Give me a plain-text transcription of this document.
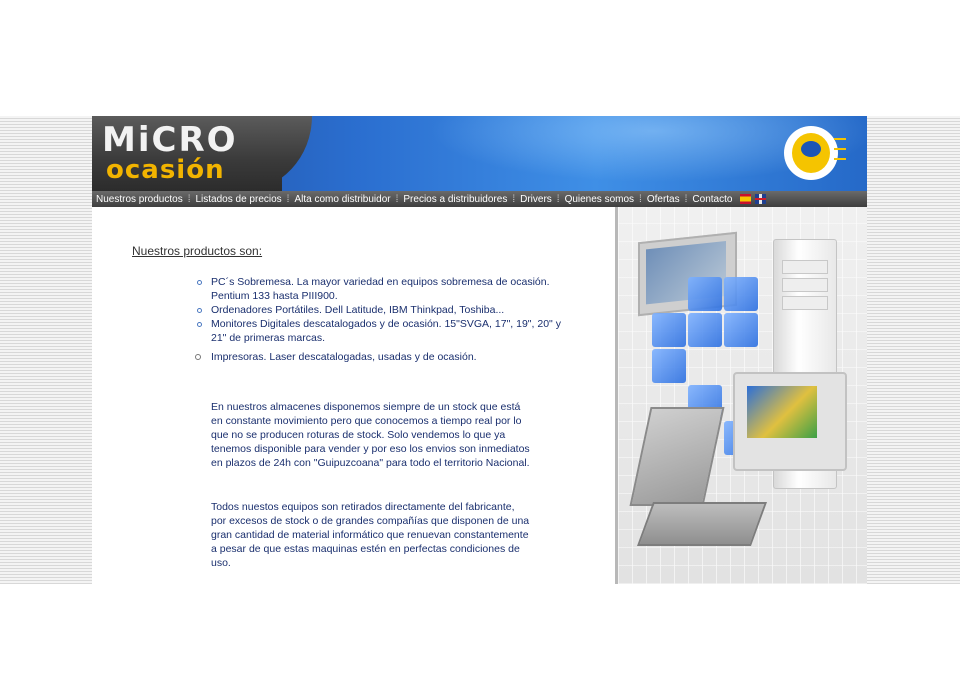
MiCRO
ocasión
Nuestros productos ⁞ Listados de precios ⁞ Alta como distribuidor ⁞ Precios a distribuidores ⁞ Drivers ⁞ Quienes somos ⁞ Ofertas ⁞ Contacto
Nuestros productos son:
PC´s Sobremesa. La mayor variedad en equipos sobremesa de ocasión. Pentium 133 hasta PIII900.
Ordenadores Portátiles. Dell Latitude, IBM Thinkpad, Toshiba...
Monitores Digitales descatalogados y de ocasión. 15"SVGA, 17", 19", 20" y 21" de primeras marcas.
Impresoras. Laser descatalogadas, usadas y de ocasión.
En nuestros almacenes disponemos siempre de un stock que está en constante movimiento pero que conocemos a tiempo real por lo que no se producen roturas de stock. Solo vendemos lo que ya tenemos disponible para vender y por eso los envios son inmediatos en plazos de 24h con "Guipuzcoana" para todo el territorio Nacional.
Todos nuestos equipos son retirados directamente del fabricante, por excesos de stock o de grandes compañías que disponen de una gran cantidad de material informático que renuevan constantemente a pesar de que estas maquinas estén en perfectas condiciones de uso.
